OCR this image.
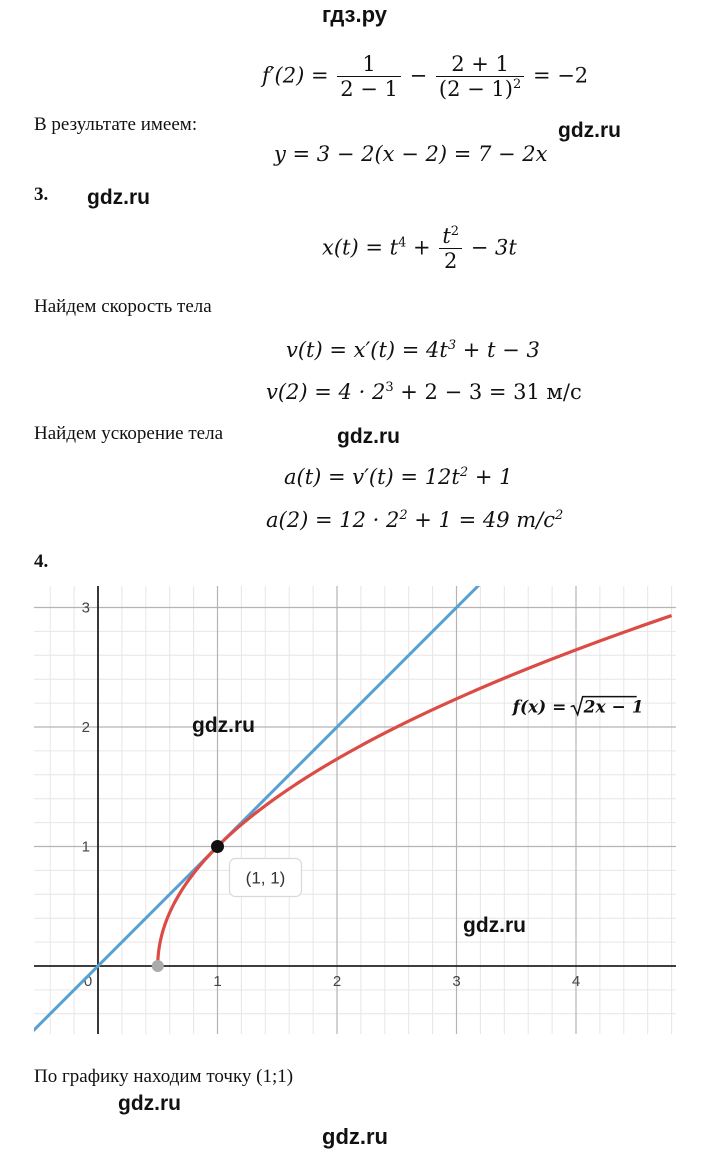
гдз.ру
$f'(2) = \frac{1}{2 - 1} - \frac{2 + 1}{(2 - 1)^2} = -2$
В результате имеем:	gdz.ru
y = 3 − 2(x − 2) = 7 − 2x
3. gdz.ru
$x(t) = t^4 + \frac{t^2}{2} - 3t$
Найдем скорость тела
$v(t) = x'(t) = 4t^3 + t - 3$
$v(2) = 4 \cdot 2^3 + 2 - 3 = 31$ м/с
Найдем ускорение тела	gdz.ru
$a(t) = v'(t) = 12t^2 + 1$
$a(2) = 12 \cdot 2^2 + 1 = 49$ $m/c^2$
4.
0	1	2	3	4
1
2
3
(1, 1)
f(x) = 2x − 1
gdz.ru
gdz.ru
По графику находим точку (1;1)
gdz.ru
gdz.ru
